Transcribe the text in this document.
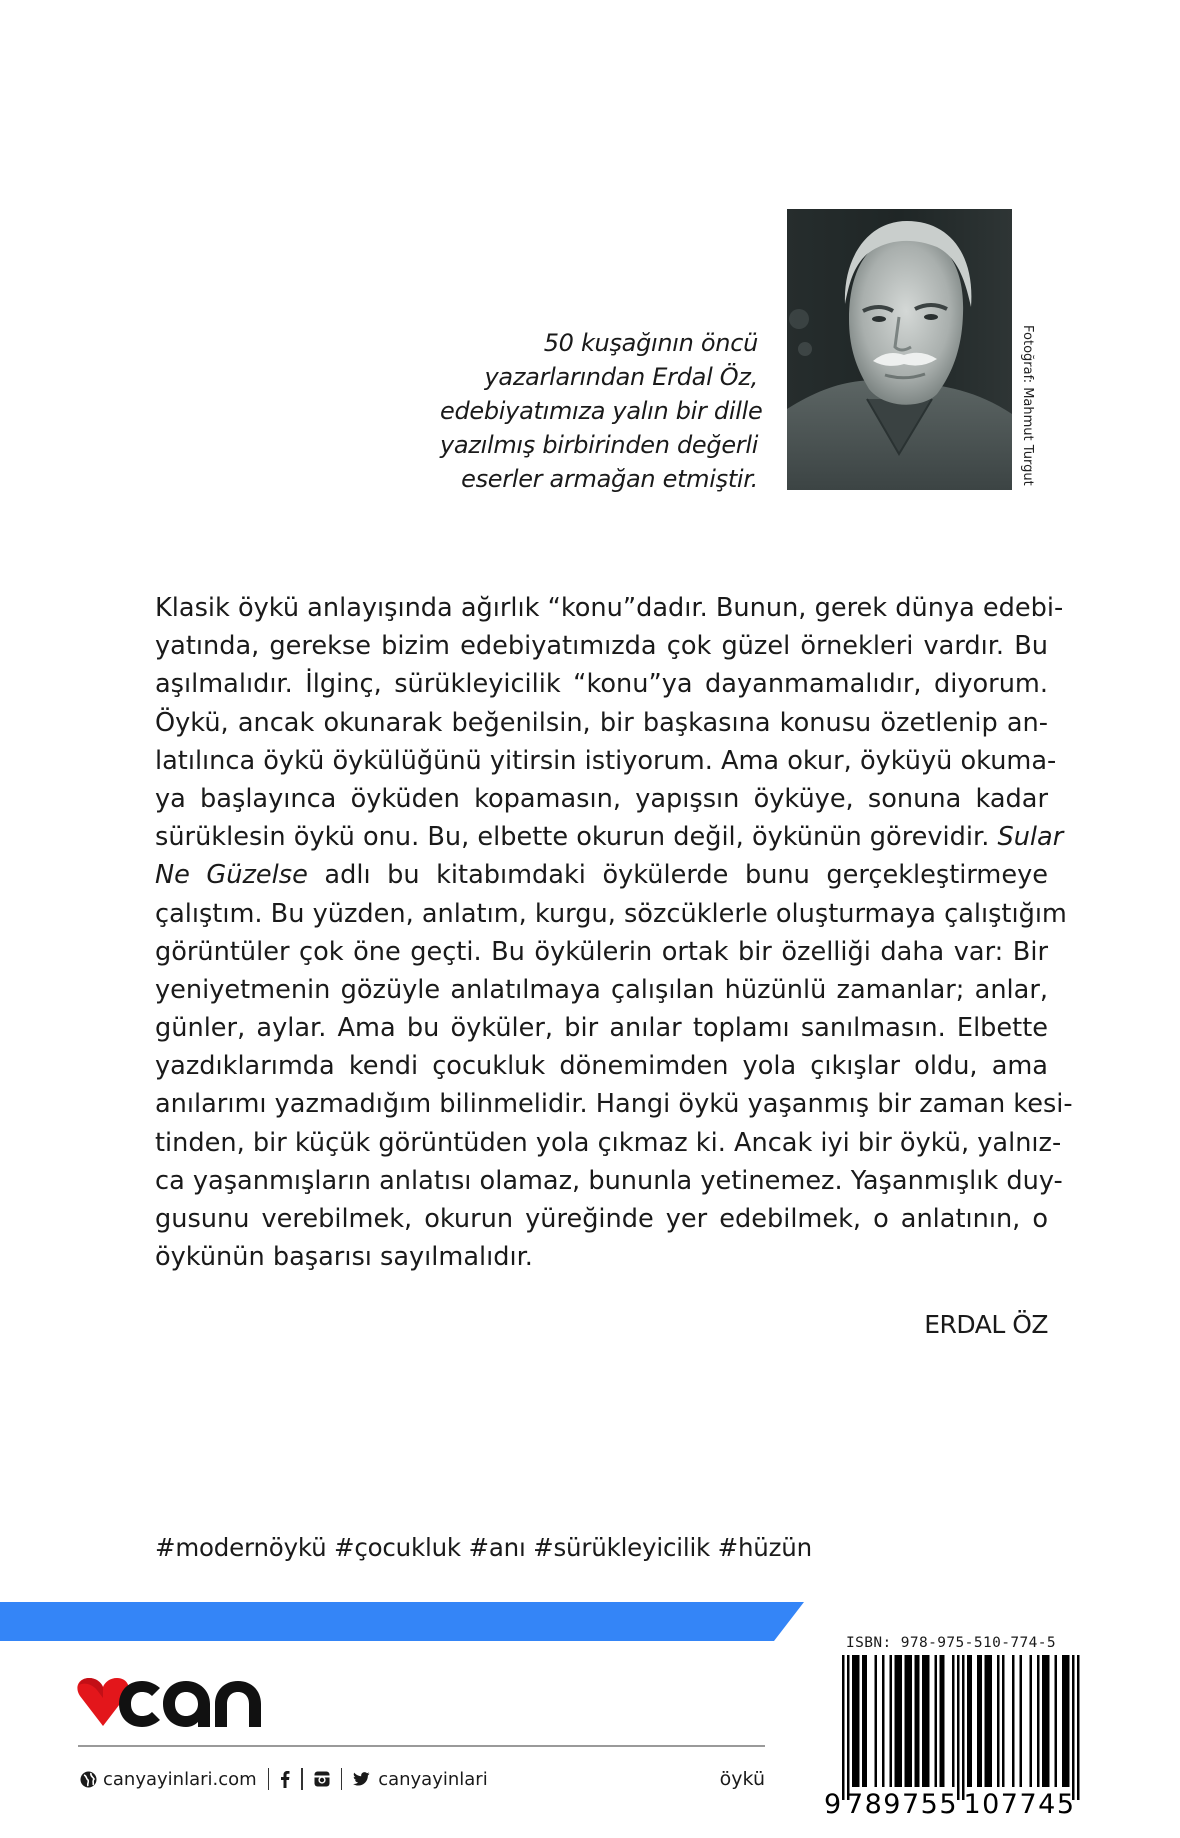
50 kuşağının öncü
yazarlarından Erdal Öz,
edebiyatımıza yalın bir dille
yazılmış birbirinden değerli
eserler armağan etmiştir.	Fotoğraf: Mahmut Turgut
Klasik öykü anlayışında ağırlık “konu”dadır. Bunun, gerek dünya edebi-
yatında, gerekse bizim edebiyatımızda çok güzel örnekleri vardır. Bu
aşılmalıdır. İlginç, sürükleyicilik “konu”ya dayanmamalıdır, diyorum.
Öykü, ancak okunarak beğenilsin, bir başkasına konusu özetlenip an-
latılınca öykü öykülüğünü yitirsin istiyorum. Ama okur, öyküyü okuma-
ya başlayınca öyküden kopamasın, yapışsın öyküye, sonuna kadar
sürüklesin öykü onu. Bu, elbette okurun değil, öykünün görevidir. Sular
Ne Güzelse adlı bu kitabımdaki öykülerde bunu gerçekleştirmeye
çalıştım. Bu yüzden, anlatım, kurgu, sözcüklerle oluşturmaya çalıştığım
görüntüler çok öne geçti. Bu öykülerin ortak bir özelliği daha var: Bir
yeniyetmenin gözüyle anlatılmaya çalışılan hüzünlü zamanlar; anlar,
günler, aylar. Ama bu öyküler, bir anılar toplamı sanılmasın. Elbette
yazdıklarımda kendi çocukluk dönemimden yola çıkışlar oldu, ama
anılarımı yazmadığım bilinmelidir. Hangi öykü yaşanmış bir zaman kesi-
tinden, bir küçük görüntüden yola çıkmaz ki. Ancak iyi bir öykü, yalnız-
ca yaşanmışların anlatısı olamaz, bununla yetinemez. Yaşanmışlık duy-
gusunu verebilmek, okurun yüreğinde yer edebilmek, o anlatının, o
öykünün başarısı sayılmalıdır.
ERDAL ÖZ
#modernöykü #çocukluk #anı #sürükleyicilik #hüzün
canyayinlari.com	canyayinlari	öykü
ISBN: 978-975-510-774-5
9 789755 107745
